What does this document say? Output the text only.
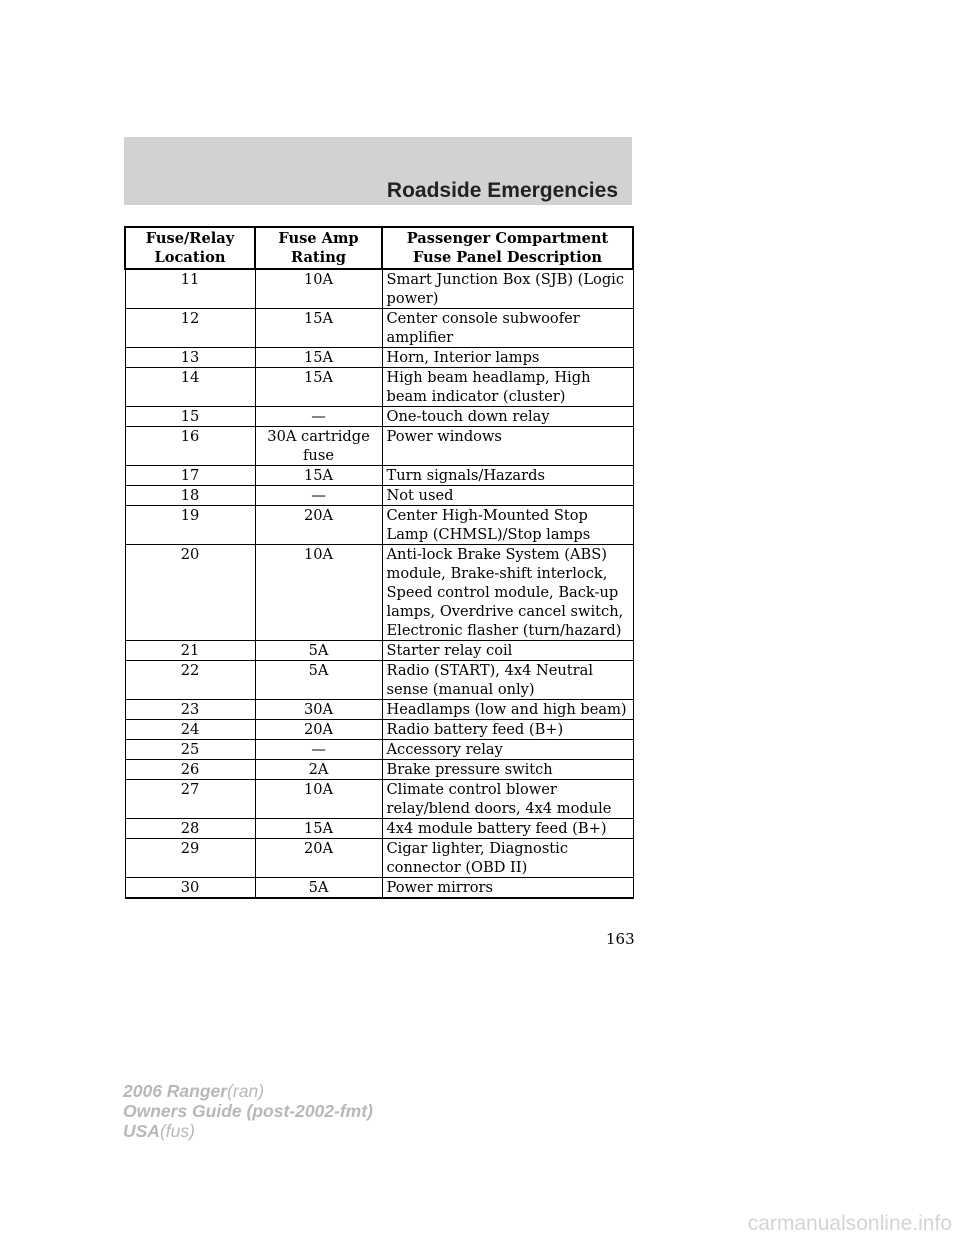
Roadside Emergencies
Fuse/Relay Location	Fuse Amp Rating	Passenger Compartment Fuse Panel Description
11	10A	Smart Junction Box (SJB) (Logic power)
12	15A	Center console subwoofer amplifier
13	15A	Horn, Interior lamps
14	15A	High beam headlamp, High beam indicator (cluster)
15	—	One-touch down relay
16	30A cartridge fuse	Power windows
17	15A	Turn signals/Hazards
18	—	Not used
19	20A	Center High-Mounted Stop Lamp (CHMSL)/Stop lamps
20	10A	Anti-lock Brake System (ABS) module, Brake-shift interlock, Speed control module, Back-up lamps, Overdrive cancel switch, Electronic flasher (turn/hazard)
21	5A	Starter relay coil
22	5A	Radio (START), 4x4 Neutral sense (manual only)
23	30A	Headlamps (low and high beam)
24	20A	Radio battery feed (B+)
25	—	Accessory relay
26	2A	Brake pressure switch
27	10A	Climate control blower relay/blend doors, 4x4 module
28	15A	4x4 module battery feed (B+)
29	20A	Cigar lighter, Diagnostic connector (OBD II)
30	5A	Power mirrors
163
2006 Ranger(ran)
Owners Guide (post-2002-fmt)
USA(fus)
carmanualsonline.info
